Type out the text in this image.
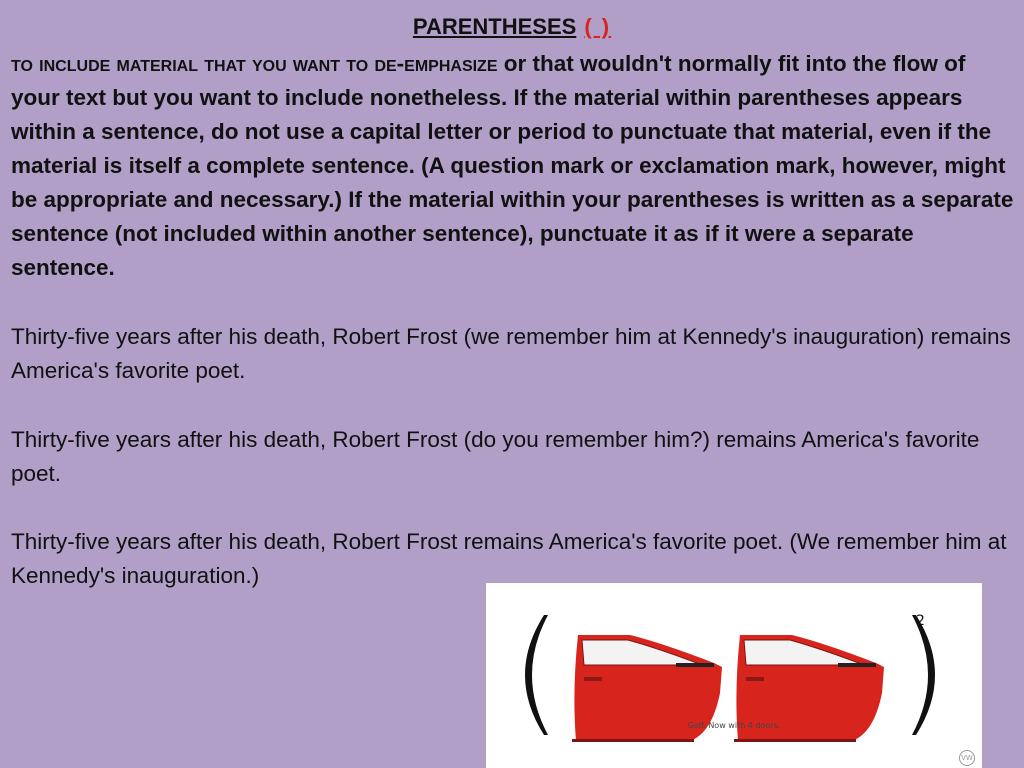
PARENTHESES ( )

to include material that you want to de-emphasize or that wouldn't normally fit into the flow of your text but you want to include nonetheless. If the material within parentheses appears within a sentence, do not use a capital letter or period to punctuate that material, even if the material is itself a complete sentence. (A question mark or exclamation mark, however, might be appropriate and necessary.) If the material within your parentheses is written as a separate sentence (not included within another sentence), punctuate it as if it were a separate sentence.

Thirty-five years after his death, Robert Frost (we remember him at Kennedy's inauguration) remains America's favorite poet.

Thirty-five years after his death, Robert Frost (do you remember him?) remains America's favorite poet.

Thirty-five years after his death, Robert Frost remains America's favorite poet. (We remember him at Kennedy's inauguration.)

2
Golf. Now with 4 doors.
VW
